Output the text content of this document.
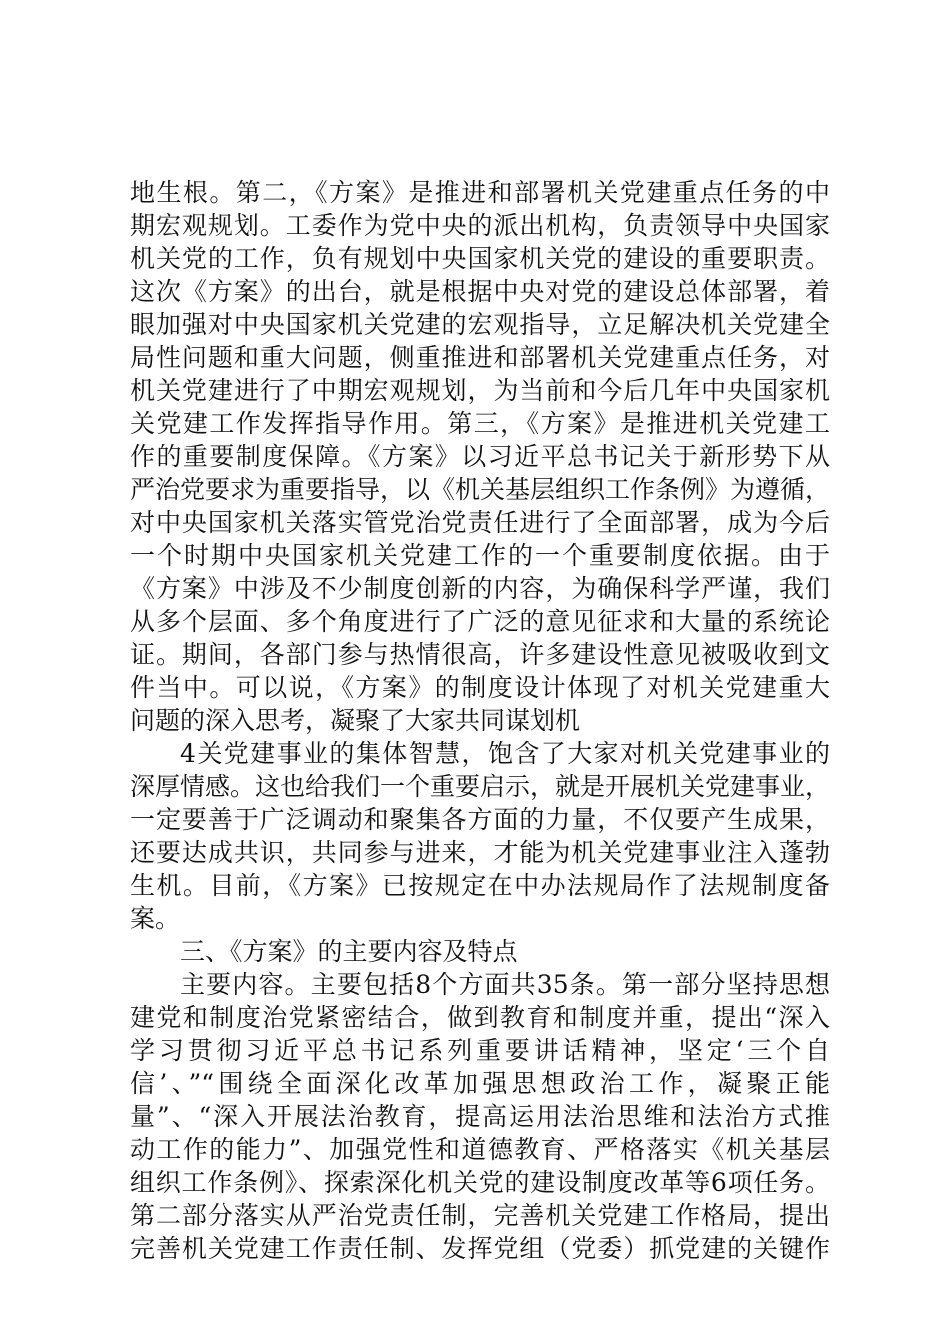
地生根。第二，《方案》是推进和部署机关党建重点任务的中
期宏观规划。工委作为党中央的派出机构，负责领导中央国家
机关党的工作，负有规划中央国家机关党的建设的重要职责。
这次《方案》的出台，就是根据中央对党的建设总体部署，着
眼加强对中央国家机关党建的宏观指导，立足解决机关党建全
局性问题和重大问题，侧重推进和部署机关党建重点任务，对
机关党建进行了中期宏观规划，为当前和今后几年中央国家机
关党建工作发挥指导作用。第三，《方案》是推进机关党建工
作的重要制度保障。《方案》以习近平总书记关于新形势下从
严治党要求为重要指导，以《机关基层组织工作条例》为遵循，
对中央国家机关落实管党治党责任进行了全面部署，成为今后
一个时期中央国家机关党建工作的一个重要制度依据。由于
《方案》中涉及不少制度创新的内容，为确保科学严谨，我们
从多个层面、多个角度进行了广泛的意见征求和大量的系统论
证。期间，各部门参与热情很高，许多建设性意见被吸收到文
件当中。可以说，《方案》的制度设计体现了对机关党建重大
问题的深入思考，凝聚了大家共同谋划机
4关党建事业的集体智慧，饱含了大家对机关党建事业的
深厚情感。这也给我们一个重要启示，就是开展机关党建事业，
一定要善于广泛调动和聚集各方面的力量，不仅要产生成果，
还要达成共识，共同参与进来，才能为机关党建事业注入蓬勃
生机。目前，《方案》已按规定在中办法规局作了法规制度备
案。
三、《方案》的主要内容及特点
主要内容。主要包括8个方面共35条。第一部分坚持思想
建党和制度治党紧密结合，做到教育和制度并重，提出“深入
学习贯彻习近平总书记系列重要讲话精神，坚定‘三个自
信’、”“围绕全面深化改革加强思想政治工作，凝聚正能
量”、“深入开展法治教育，提高运用法治思维和法治方式推
动工作的能力”、加强党性和道德教育、严格落实《机关基层
组织工作条例》、探索深化机关党的建设制度改革等6项任务。
第二部分落实从严治党责任制，完善机关党建工作格局，提出
完善机关党建工作责任制、发挥党组（党委）抓党建的关键作
